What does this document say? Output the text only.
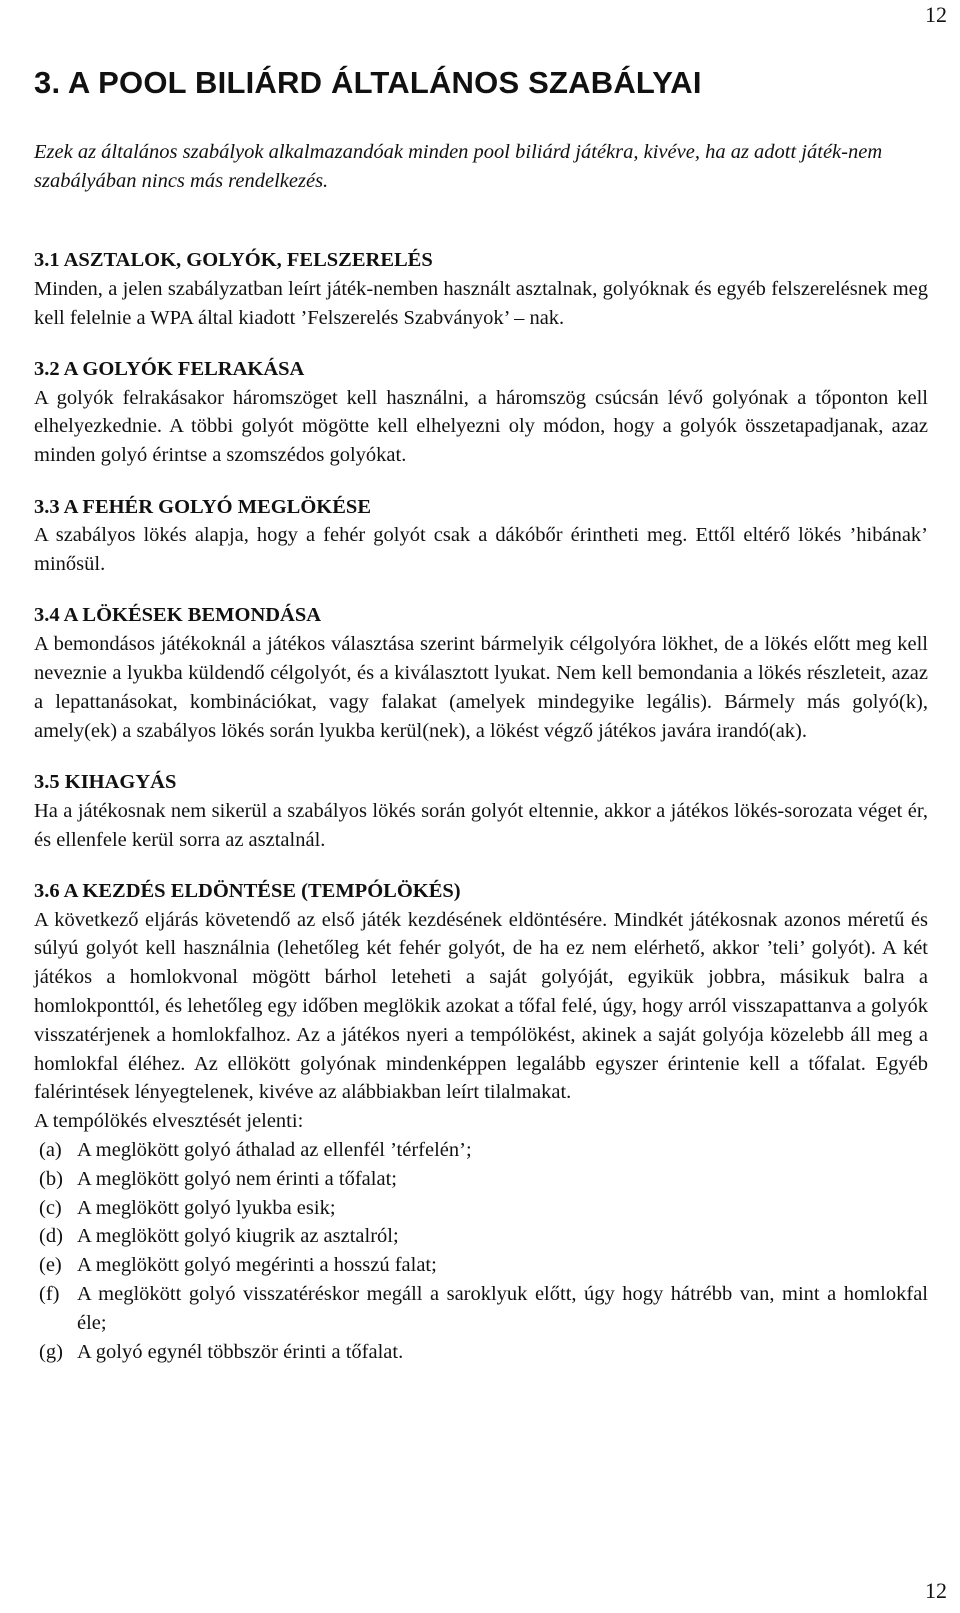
12
3. A POOL BILIÁRD ÁLTALÁNOS SZABÁLYAI

Ezek az általános szabályok alkalmazandóak minden pool biliárd játékra, kivéve, ha az adott játék-nem szabályában nincs más rendelkezés.

3.1 ASZTALOK, GOLYÓK, FELSZERELÉS

Minden, a jelen szabályzatban leírt játék-nemben használt asztalnak, golyóknak és egyéb felszerelésnek meg kell felelnie a WPA által kiadott ’Felszerelés Szabványok’ – nak.

3.2 A GOLYÓK FELRAKÁSA

A golyók felrakásakor háromszöget kell használni, a háromszög csúcsán lévő golyónak a tőponton kell elhelyezkednie. A többi golyót mögötte kell elhelyezni oly módon, hogy a golyók összetapadjanak, azaz minden golyó érintse a szomszédos golyókat.

3.3 A FEHÉR GOLYÓ MEGLÖKÉSE

A szabályos lökés alapja, hogy a fehér golyót csak a dákóbőr érintheti meg. Ettől eltérő lökés ’hibának’ minősül.

3.4 A LÖKÉSEK BEMONDÁSA

A bemondásos játékoknál a játékos választása szerint bármelyik célgolyóra lökhet, de a lökés előtt meg kell neveznie a lyukba küldendő célgolyót, és a kiválasztott lyukat. Nem kell bemondania a lökés részleteit, azaz a lepattanásokat, kombinációkat, vagy falakat (amelyek mindegyike legális). Bármely más golyó(k), amely(ek) a szabályos lökés során lyukba kerül(nek), a lökést végző játékos javára irandó(ak).

3.5 KIHAGYÁS

Ha a játékosnak nem sikerül a szabályos lökés során golyót eltennie, akkor a játékos lökés-sorozata véget ér, és ellenfele kerül sorra az asztalnál.

3.6 A KEZDÉS ELDÖNTÉSE (TEMPÓLÖKÉS)

A következő eljárás követendő az első játék kezdésének eldöntésére. Mindkét játékosnak azonos méretű és súlyú golyót kell használnia (lehetőleg két fehér golyót, de ha ez nem elérhető, akkor ’teli’ golyót). A két játékos a homlokvonal mögött bárhol leteheti a saját golyóját, egyikük jobbra, másikuk balra a homlokponttól, és lehetőleg egy időben meglökik azokat a tőfal felé, úgy, hogy arról visszapattanva a golyók visszatérjenek a homlokfalhoz. Az a játékos nyeri a tempólökést, akinek a saját golyója közelebb áll meg a homlokfal éléhez. Az ellökött golyónak mindenképpen legalább egyszer érintenie kell a tőfalat. Egyéb falérintések lényegtelenek, kivéve az alábbiakban leírt tilalmakat.

A tempólökés elvesztését jelenti:

(a) A meglökött golyó áthalad az ellenfél ’térfelén’;
(b) A meglökött golyó nem érinti a tőfalat;
(c) A meglökött golyó lyukba esik;
(d) A meglökött golyó kiugrik az asztalról;
(e) A meglökött golyó megérinti a hosszú falat;
(f) A meglökött golyó visszatéréskor megáll a saroklyuk előtt, úgy hogy hátrébb van, mint a homlokfal éle;
(g) A golyó egynél többször érinti a tőfalat.
12
